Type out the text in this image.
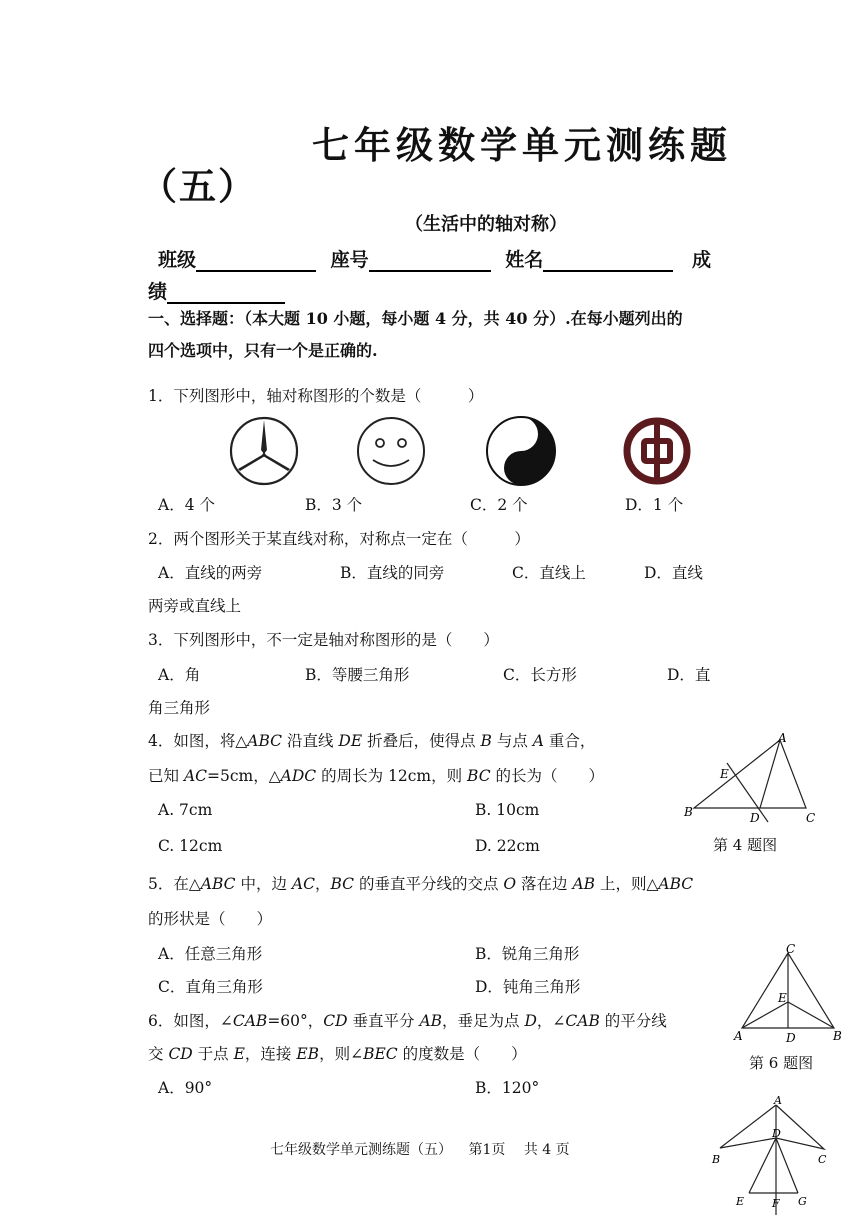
七年级数学单元测练题
（五）
（生活中的轴对称）
班级	座号	姓名	成
绩
一、选择题：（本大题 10 小题，每小题 4 分，共 40 分）.在每小题列出的
四个选项中，只有一个是正确的.
1．下列图形中，轴对称图形的个数是（　　　）
A．4 个	B．3 个	C．2 个	D．1 个
2．两个图形关于某直线对称，对称点一定在（　　　）
A．直线的两旁	B．直线的同旁	C．直线上	D．直线
两旁或直线上
3．下列图形中，不一定是轴对称图形的是（　　）
A．角	B．等腰三角形	C．长方形	D．直
角三角形
4．如图，将△ABC 沿直线 DE 折叠后，使得点 B 与点 A 重合，
已知 AC=5cm，△ADC 的周长为 12cm，则 BC 的长为（　　）
A. 7cm	B. 10cm
C. 12cm	D. 22cm
A
E
B	D	C
第 4 题图
5．在△ABC 中，边 AC，BC 的垂直平分线的交点 O 落在边 AB 上，则△ABC
的形状是（　　）
A．任意三角形	B．锐角三角形
C．直角三角形	D．钝角三角形
6．如图，∠CAB=60°，CD 垂直平分 AB，垂足为点 D，∠CAB 的平分线
交 CD 于点 E，连接 EB，则∠BEC 的度数是（　　）
A．90°	B．120°
C
E
A	D	B
第 6 题图
A
D
B	C
E	F G
七年级数学单元测练题（五） 第1页 共 4 页
